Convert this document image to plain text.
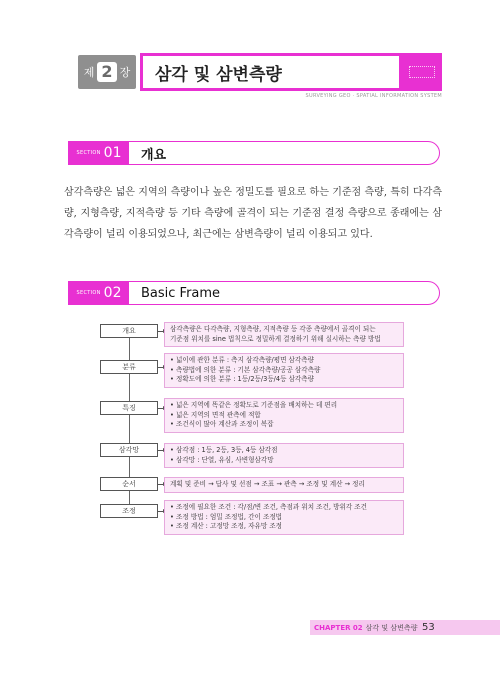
제 2 장 삼각 및 삼변측량
SURVEYING GEO · SPATIAL INFORMATION SYSTEM
SECTION 01 개요

삼각측량은 넓은 지역의 측량이나 높은 정밀도를 필요로 하는 기준점 측량, 특히 다각측량, 지형측량, 지적측량 등 기타 측량에 골격이 되는 기준점 결정 측량으로 종래에는 삼각측량이 널리 이용되었으나, 최근에는 삼변측량이 널리 이용되고 있다.

SECTION 02 Basic Frame
개요	삼각측량은 다각측량, 지형측량, 지적측량 등 각종 측량에서 골격이 되는
기준점 위치를 sine 법칙으로 정밀하게 결정하기 위해 실시하는 측량 방법
분류
• 넓이에 관한 분류 : 측지 삼각측량/평면 삼각측량
• 측량법에 의한 분류 : 기본 삼각측량/공공 삼각측량
• 정확도에 의한 분류 : 1등/2등/3등/4등 삼각측량
특징	• 넓은 지역에 똑같은 정확도로 기준점을 배치하는 데 편리
• 넓은 지역의 면적 관측에 적합
• 조건식이 많아 계산과 조정이 복잡
삼각망	• 삼각점 : 1등, 2등, 3등, 4등 삼각점
• 삼각망 : 단열, 유심, 사변형삼각망
순서	계획 및 준비 → 답사 및 선점 → 조표 → 관측 → 조정 및 계산 → 정리
조정	• 조정에 필요한 조건 : 각/점/변 조건, 측점과 위치 조건, 방위각 조건
• 조정 방법 : 엄밀 조정법, 간이 조정법
• 조정 계산 : 고정망 조정, 자유망 조정
CHAPTER 02 삼각 및 삼변측량 53
